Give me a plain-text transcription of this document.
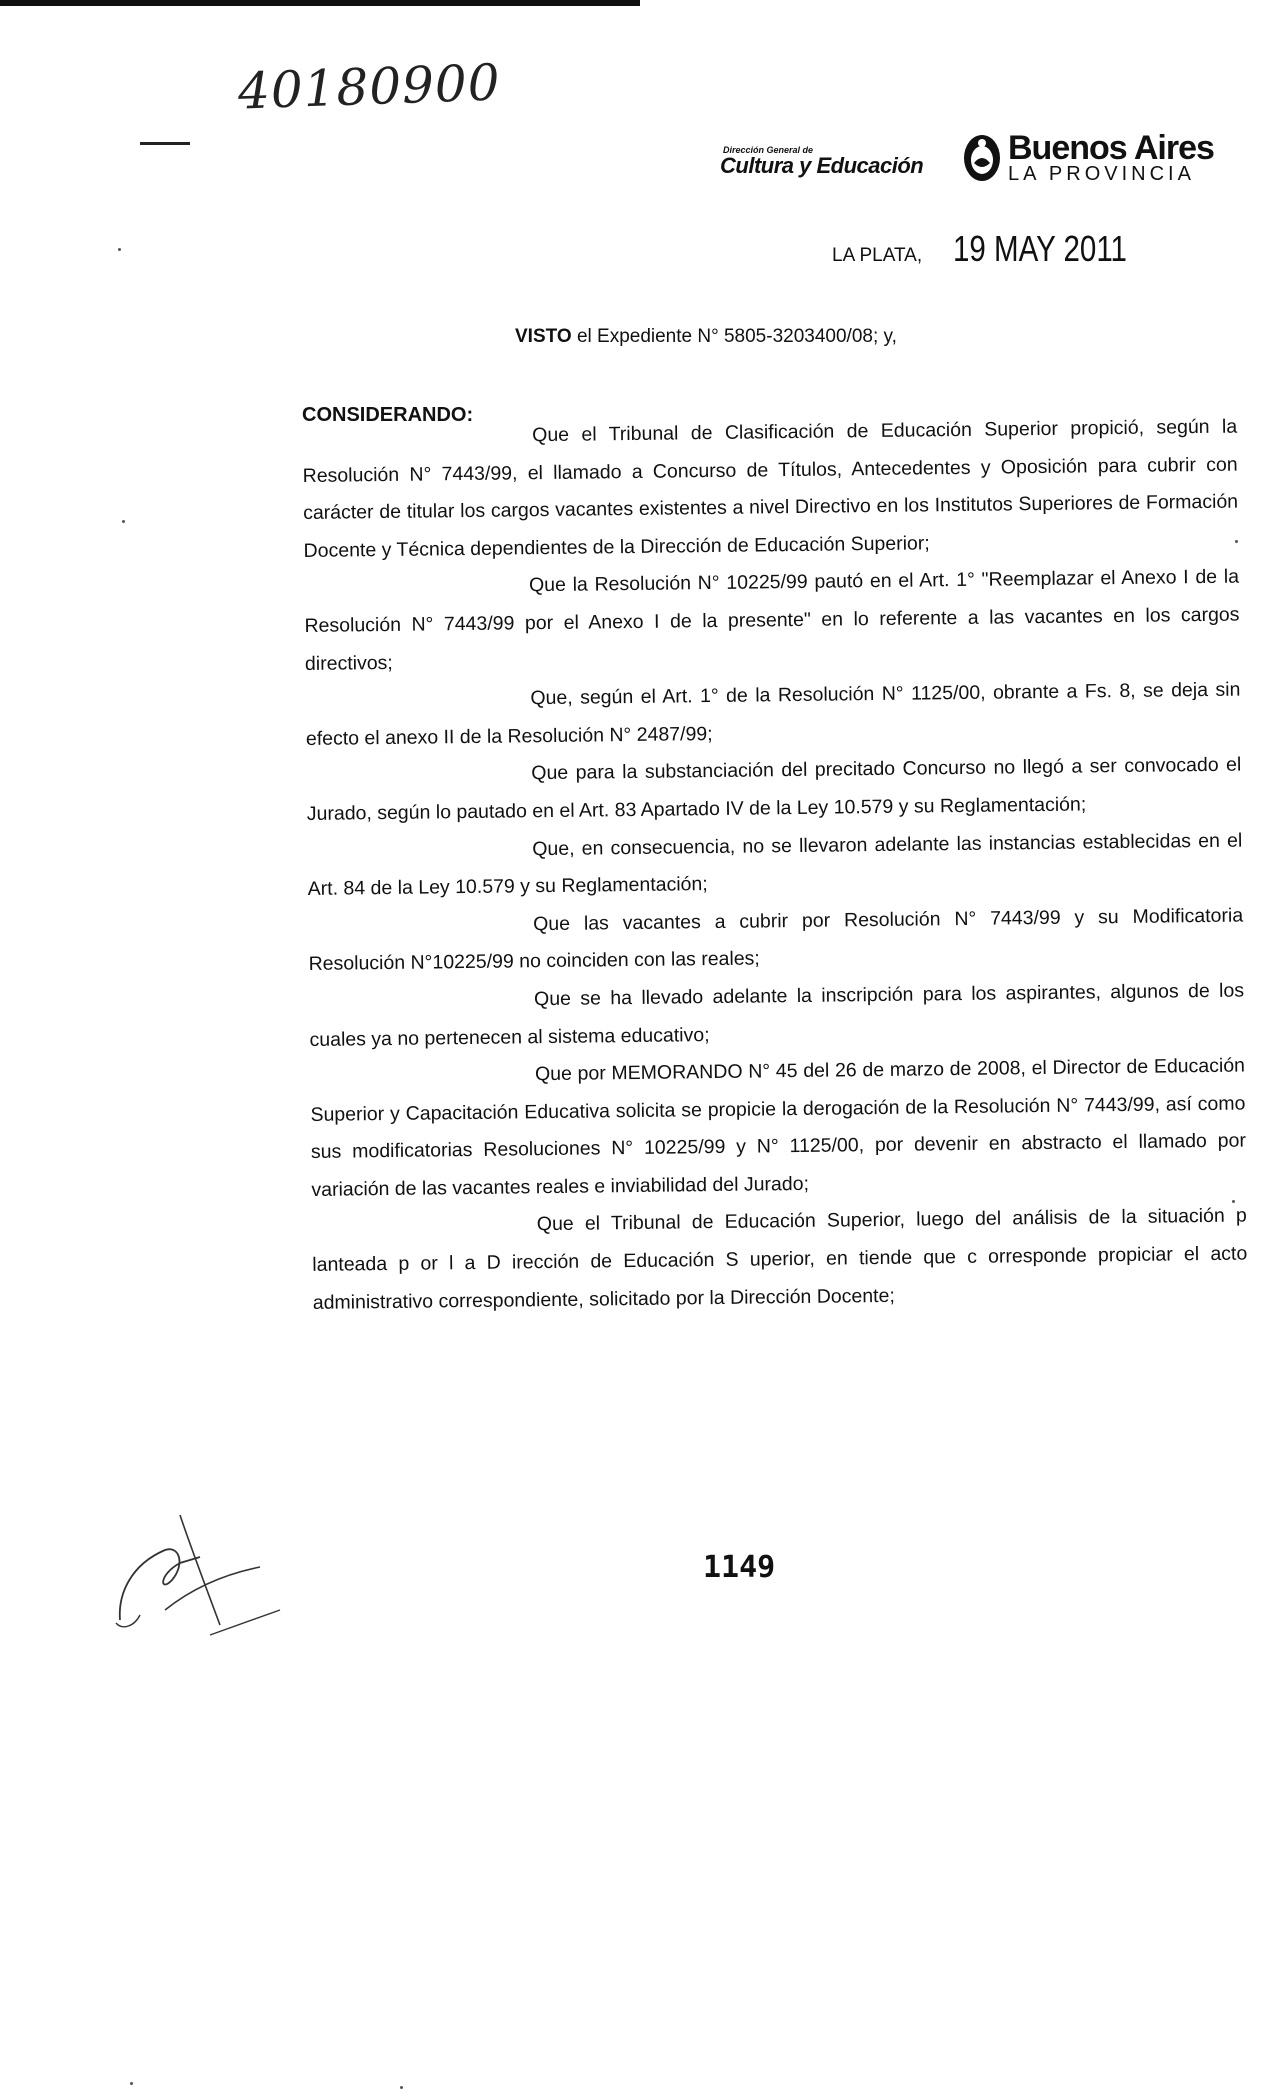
40180900
Dirección General de
Cultura y Educación Buenos Aires
LA PROVINCIA
LA PLATA, 19 MAY 2011
VISTO el Expediente N° 5805-3203400/08; y,
CONSIDERANDO:

Que el Tribunal de Clasificación de Educación Superior propició, según la Resolución N° 7443/99, el llamado a Concurso de Títulos, Antecedentes y Oposición para cubrir con carácter de titular los cargos vacantes existentes a nivel Directivo en los Institutos Superiores de Formación Docente y Técnica dependientes de la Dirección de Educación Superior;

Que la Resolución N° 10225/99 pautó en el Art. 1° "Reemplazar el Anexo I de la Resolución N° 7443/99 por el Anexo I de la presente" en lo referente a las vacantes en los cargos directivos;

Que, según el Art. 1° de la Resolución N° 1125/00, obrante a Fs. 8, se deja sin efecto el anexo II de la Resolución N° 2487/99;

Que para la substanciación del precitado Concurso no llegó a ser convocado el Jurado, según lo pautado en el Art. 83 Apartado IV de la Ley 10.579 y su Reglamentación;

Que, en consecuencia, no se llevaron adelante las instancias establecidas en el Art. 84 de la Ley 10.579 y su Reglamentación;

Que las vacantes a cubrir por Resolución N° 7443/99 y su Modificatoria Resolución N°10225/99 no coinciden con las reales;

Que se ha llevado adelante la inscripción para los aspirantes, algunos de los cuales ya no pertenecen al sistema educativo;

Que por MEMORANDO N° 45 del 26 de marzo de 2008, el Director de Educación Superior y Capacitación Educativa solicita se propicie la derogación de la Resolución N° 7443/99, así como sus modificatorias Resoluciones N° 10225/99 y N° 1125/00, por devenir en abstracto el llamado por variación de las vacantes reales e inviabilidad del Jurado;

Que el Tribunal de Educación Superior, luego del análisis de la situación p lanteada p or l a D irección de Educación S uperior, en tiende que c orresponde propiciar el acto administrativo correspondiente, solicitado por la Dirección Docente;

1149
